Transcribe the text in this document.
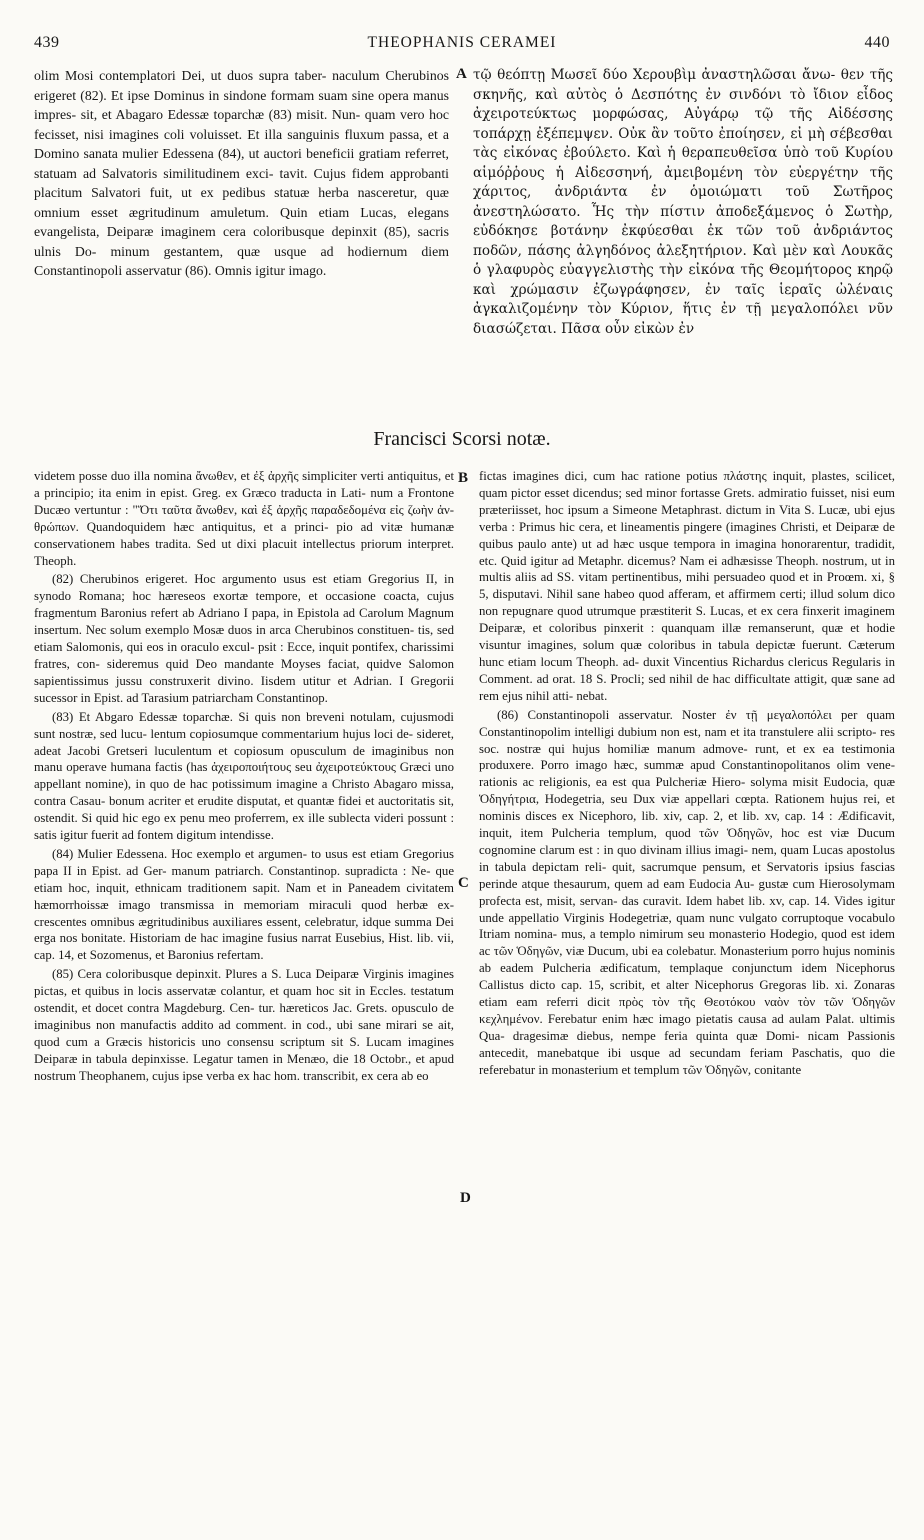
439	THEOPHANIS CERAMEI	440

olim Mosi contemplatori Dei, ut duos supra taber- naculum Cherubinos erigeret (82). Et ipse Dominus in sindone formam suam sine opera manus impres- sit, et Abagaro Edessæ toparchæ (83) misit. Nun- quam vero hoc fecisset, nisi imagines coli voluisset. Et illa sanguinis fluxum passa, et a Domino sanata mulier Edessena (84), ut auctori beneficii gratiam referret, statuam ad Salvatoris similitudinem exci- tavit. Cujus fidem approbanti placitum Salvatori fuit, ut ex pedibus statuæ herba nasceretur, quæ omnium esset ægritudinum amuletum. Quin etiam Lucas, elegans evangelista, Deiparæ imaginem cera coloribusque depinxit (85), sacris ulnis Do- minum gestantem, quæ usque ad hodiernum diem Constantinopoli asservatur (86). Omnis igitur imago.

A τῷ θεόπτῃ Μωσεῖ δύο Χερουβὶμ ἀναστηλῶσαι ἄνω- θεν τῆς σκηνῆς, καὶ αὐτὸς ὁ Δεσπότης ἐν σινδόνι τὸ ἴδιον εἶδος ἀχειροτεύκτως μορφώσας, Αὐγάρῳ τῷ τῆς Αἰδέσσης τοπάρχῃ ἐξέπεμψεν. Οὐκ ἂν τοῦτο ἐποίησεν, εἰ μὴ σέβεσθαι τὰς εἰκόνας ἐβούλετο. Καὶ ἡ θεραπευθεῖσα ὑπὸ τοῦ Κυρίου αἱμόῤῥους ἡ Αἰδεσσηνή, ἀμειβομένη τὸν εὐεργέτην τῆς χάριτος, ἀνδριάντα ἐν ὁμοιώματι τοῦ Σωτῆρος ἀνεστηλώσατο. Ἧς τὴν πίστιν ἀποδεξάμενος ὁ Σωτὴρ, εὐδόκησε βοτάνην ἐκφύεσθαι ἐκ τῶν τοῦ ἀνδριάντος ποδῶν, πάσης ἀλγηδόνος ἀλεξητήριον. Καὶ μὲν καὶ Λουκᾶς ὁ γλαφυρὸς εὐαγγελιστὴς τὴν εἰκόνα τῆς Θεομήτορος κηρῷ καὶ χρώμασιν ἐζωγράφησεν, ἐν ταῖς ἱεραῖς ὠλέναις ἀγκαλιζομένην τὸν Κύριον, ἥτις ἐν τῇ μεγαλοπόλει νῦν διασώζεται. Πᾶσα οὖν εἰκὼν ἐν

Francisci Scorsi notæ.

videtem posse duo illa nomina ἄνωθεν, et ἐξ ἀρχῆς simpliciter verti antiquitus, et a principio; ita enim in epist. Greg. ex Græco traducta in Lati- num a Frontone Ducæo vertuntur : "Ὅτι ταῦτα ἄνωθεν, καὶ ἐξ ἀρχῆς παραδεδομένα εἰς ζωὴν ἀν- θρώπων. Quandoquidem hæc antiquitus, et a princi- pio ad vitæ humanæ conservationem habes tradita. Sed ut dixi placuit intellectus priorum interpret. Theoph.

(82) Cherubinos erigeret. Hoc argumento usus est etiam Gregorius II, in synodo Romana; hoc hæreseos exortæ tempore, et occasione coacta, cujus fragmentum Baronius refert ab Adriano I papa, in Epistola ad Carolum Magnum insertum. Nec solum exemplo Mosæ duos in arca Cherubinos constituen- tis, sed etiam Salomonis, qui eos in oraculo excul- psit : Ecce, inquit pontifex, charissimi fratres, con- sideremus quid Deo mandante Moyses faciat, quidve Salomon sapientissimus jussu construxerit divino. Iisdem utitur et Adrian. I Gregorii sucessor in Epist. ad Tarasium patriarcham Constantinop.

(83) Et Abgaro Edessæ toparchæ. Si quis non breveni notulam, cujusmodi sunt nostræ, sed lucu- lentum copiosumque commentarium hujus loci de- sideret, adeat Jacobi Gretseri luculentum et copiosum opusculum de imaginibus non manu operave humana factis (has ἀχειροποιήτους seu ἀχειροτεύκτους Græci uno appellant nomine), in quo de hac potissimum imagine a Christo Abagaro missa, contra Casau- bonum acriter et erudite disputat, et quantæ fidei et auctoritatis sit, ostendit. Si quid hic ego ex penu meo proferrem, ex ille sublecta videri possunt : satis igitur fuerit ad fontem digitum intendisse.

(84) Mulier Edessena. Hoc exemplo et argumen- to usus est etiam Gregorius papa II in Epist. ad Ger- manum patriarch. Constantinop. supradicta : Ne- que etiam hoc, inquit, ethnicam traditionem sapit. Nam et in Paneadem civitatem hæmorrhoissæ imago transmissa in memoriam miraculi quod herbæ ex- crescentes omnibus ægritudinibus auxiliares essent, celebratur, idque summa Dei erga nos bonitate. Historiam de hac imagine fusius narrat Eusebius, Hist. lib. vii, cap. 14, et Sozomenus, et Baronius refertam.

(85) Cera coloribusque depinxit. Plures a S. Luca Deiparæ Virginis imagines pictas, et quibus in locis asservatæ colantur, et quam hoc sit in Eccles. testatum ostendit, et docet contra Magdeburg. Cen- tur. hæreticos Jac. Grets. opusculo de imaginibus non manufactis addito ad comment. in cod., ubi sane mirari se ait, quod cum a Græcis historicis uno consensu scriptum sit S. Lucam imagines Deiparæ in tabula depinxisse. Legatur tamen in Menæo, die 18 Octobr., et apud nostrum Theophanem, cujus ipse verba ex hac hom. transcribit, ex cera ab eo

B
C
D

fictas imagines dici, cum hac ratione potius πλάστης inquit, plastes, scilicet, quam pictor esset dicendus; sed minor fortasse Grets. admiratio fuisset, nisi eum præteriisset, hoc ipsum a Simeone Metaphrast. dictum in Vita S. Lucæ, ubi ejus verba : Primus hic cera, et lineamentis pingere (imagines Christi, et Deiparæ de quibus paulo ante) ut ad hæc usque tempora in imagina honorarentur, tradidit, etc. Quid igitur ad Metaphr. dicemus? Nam ei adhæsisse Theoph. nostrum, ut in multis aliis ad SS. vitam pertinentibus, mihi persuadeo quod et in Proœm. xi, § 5, disputavi. Nihil sane habeo quod afferam, et affirmem certi; illud solum dico non repugnare quod utrumque præstiterit S. Lucas, et ex cera finxerit imaginem Deiparæ, et coloribus pinxerit : quanquam illæ remanserunt, quæ et hodie visuntur imagines, solum quæ coloribus in tabula depictæ fuerunt. Cæterum hunc etiam locum Theoph. ad- duxit Vincentius Richardus clericus Regularis in Comment. ad orat. 18 S. Procli; sed nihil de hac difficultate attigit, quæ sane ad rem ejus nihil atti- nebat.

(86) Constantinopoli asservatur. Noster ἐν τῇ μεγαλοπόλει per quam Constantinopolim intelligi dubium non est, nam et ita transtulere alii scripto- res soc. nostræ qui hujus homiliæ manum admove- runt, et ex ea testimonia produxere. Porro imago hæc, summæ apud Constantinopolitanos olim vene- rationis ac religionis, ea est qua Pulcheriæ Hiero- solyma misit Eudocia, quæ Ὁδηγήτρια, Hodegetria, seu Dux viæ appellari cœpta. Rationem hujus rei, et nominis disces ex Nicephoro, lib. xiv, cap. 2, et lib. xv, cap. 14 : Ædificavit, inquit, item Pulcheria templum, quod τῶν Ὁδηγῶν, hoc est viæ Ducum cognomine clarum est : in quo divinam illius imagi- nem, quam Lucas apostolus in tabula depictam reli- quit, sacrumque pensum, et Servatoris ipsius fascias perinde atque thesaurum, quem ad eam Eudocia Au- gustæ cum Hierosolymam profecta est, misit, servan- das curavit. Idem habet lib. xv, cap. 14. Vides igitur unde appellatio Virginis Hodegetriæ, quam nunc vulgato corruptoque vocabulo Itriam nomina- mus, a templo nimirum seu monasterio Hodegio, quod est idem ac τῶν Ὁδηγῶν, viæ Ducum, ubi ea colebatur. Monasterium porro hujus nominis ab eadem Pulcheria ædificatum, templaque conjunctum idem Nicephorus Callistus dicto cap. 15, scribit, et alter Nicephorus Gregoras lib. xi. Zonaras etiam eam referri dicit πρὸς τὸν τῆς Θεοτόκου ναὸν τὸν τῶν Ὁδηγῶν κεχλημένον. Ferebatur enim hæc imago pietatis causa ad aulam Palat. ultimis Qua- dragesimæ diebus, nempe feria quinta quæ Domi- nicam Passionis antecedit, manebatque ibi usque ad secundam feriam Paschatis, quo die referebatur in monasterium et templum τῶν Ὁδηγῶν, conitante
